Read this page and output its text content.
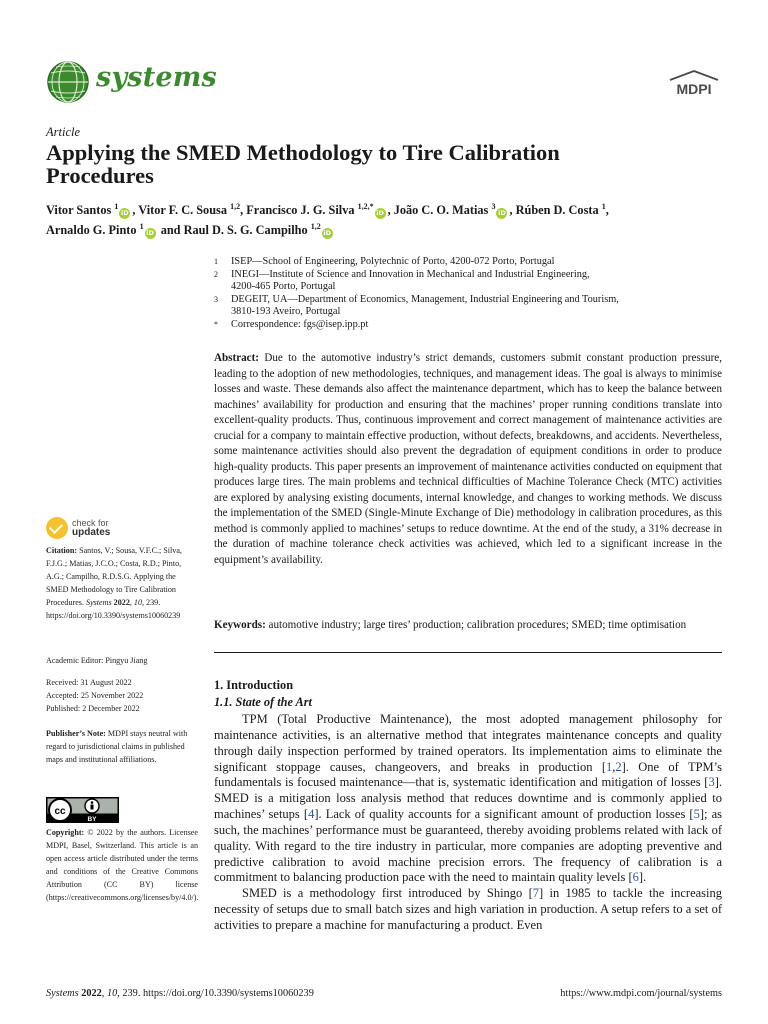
systems	MDPI
Article
Applying the SMED Methodology to Tire Calibration Procedures
Vitor Santos $^1$iD , Vitor F. C. Sousa $^{1,2}$, Francisco J. G. Silva $^{1,2,*}$iD , João C. O. Matias $^3$iD , Rúben D. Costa $^1$,
Arnaldo G. Pinto $^1$iD and Raul D. S. G. Campilho $^{1,2}$iD
1	ISEP—School of Engineering, Polytechnic of Porto, 4200-072 Porto, Portugal
2	INEGI—Institute of Science and Innovation in Mechanical and Industrial Engineering,
4200-465 Porto, Portugal
3	DEGEIT, UA—Department of Economics, Management, Industrial Engineering and Tourism,
3810-193 Aveiro, Portugal
*	Correspondence: fgs@isep.ipp.pt
Abstract: Due to the automotive industry’s strict demands, customers submit constant production pressure, leading to the adoption of new methodologies, techniques, and management ideas. The goal is always to minimise losses and waste. These demands also affect the maintenance department, which has to keep the balance between machines’ availability for production and ensuring that the machines’ proper running conditions translate into excellent-quality products. Thus, continuous improvement and correct management of maintenance activities are crucial for a company to maintain effective production, without defects, breakdowns, and accidents. Nevertheless, some maintenance activities should also prevent the degradation of equipment conditions in order to produce high-quality products. This paper presents an improvement of maintenance activities conducted on equipment that produces large tires. The main problems and technical difficulties of Machine Tolerance Check (MTC) activities are explored by analysing existing documents, internal knowledge, and changes to working methods. We discuss the implementation of the SMED (Single-Minute Exchange of Die) methodology in calibration procedures, as this method is commonly applied to machines’ setups to reduce downtime. At the end of the study, a 31% decrease in the duration of machine tolerance check activities was achieved, which led to a significant increase in the equipment’s availability.
Keywords: automotive industry; large tires’ production; calibration procedures; SMED; time optimisation
check for
updates
Citation: Santos, V.; Sousa, V.F.C.; Silva, F.J.G.; Matias, J.C.O.; Costa, R.D.; Pinto, A.G.; Campilho, R.D.S.G. Applying the SMED Methodology to Tire Calibration Procedures. Systems 2022, 10, 239. https://doi.org/10.3390/systems10060239
Academic Editor: Pingyu Jiang
Received: 31 August 2022
Accepted: 25 November 2022
Published: 2 December 2022
Publisher’s Note: MDPI stays neutral with regard to jurisdictional claims in published maps and institutional affiliations.
cc
BY
Copyright: © 2022 by the authors. Licensee MDPI, Basel, Switzerland. This article is an open access article distributed under the terms and conditions of the Creative Commons Attribution (CC BY) license (https://creativecommons.org/licenses/by/4.0/).
1. Introduction
1.1. State of the Art

TPM (Total Productive Maintenance), the most adopted management philosophy for maintenance activities, is an alternative method that integrates maintenance concepts and quality through daily inspection performed by trained operators. Its implementation aims to eliminate the significant stoppage causes, changeovers, and breaks in production [1,2]. One of TPM’s fundamentals is focused maintenance—that is, systematic identification and mitigation of losses [3]. SMED is a mitigation loss analysis method that reduces downtime and is commonly applied to machines’ setups [4]. Lack of quality accounts for a significant amount of production losses [5]; as such, the machines’ performance must be guaranteed, thereby avoiding problems related with lack of quality. With regard to the tire industry in particular, more companies are adopting preventive and predictive calibration to avoid machine precision errors. The frequency of calibration is a commitment to balancing production pace with the need to maintain quality levels [6].

SMED is a methodology first introduced by Shingo [7] in 1985 to tackle the increasing necessity of setups due to small batch sizes and high variation in production. A setup refers to a set of activities to prepare a machine for manufacturing a product. Even

Systems 2022, 10, 239. https://doi.org/10.3390/systems10060239	https://www.mdpi.com/journal/systems
